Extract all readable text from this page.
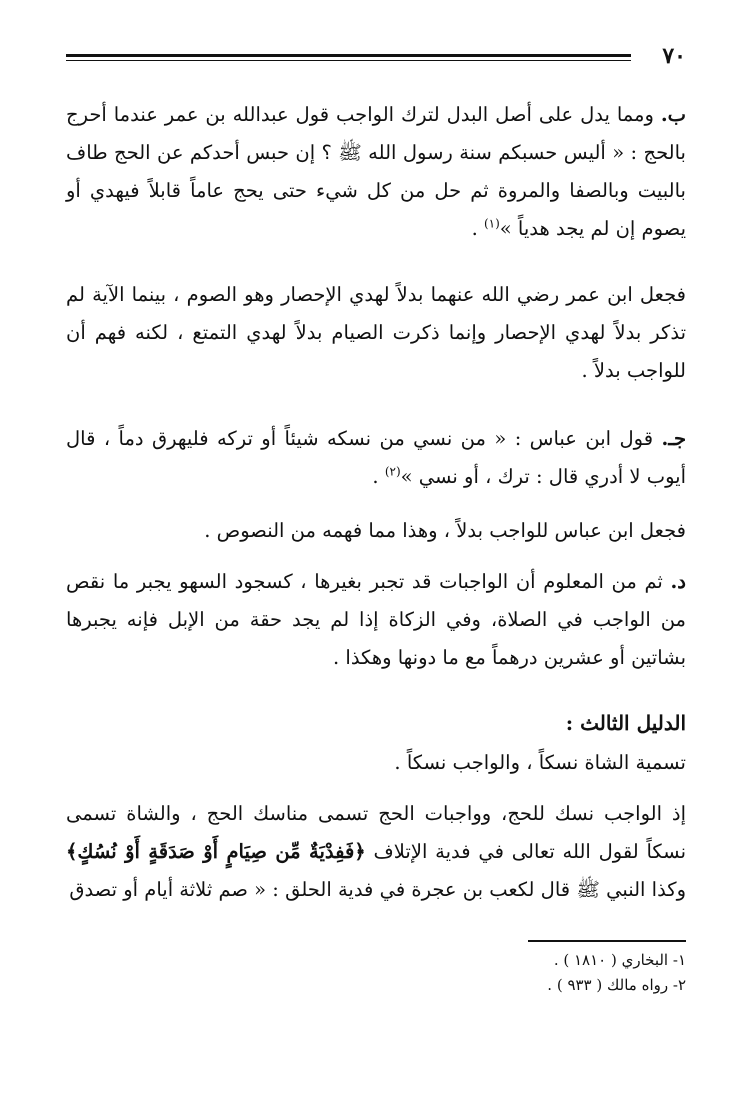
٧٠

ب. ومما يدل على أصل البدل لترك الواجب قول عبدالله بن عمر عندما أحرج بالحج : « أليس حسبكم سنة رسول الله ﷺ ؟ إن حبس أحدكم عن الحج طاف بالبيت وبالصفا والمروة ثم حل من كل شيء حتى يحج عاماً قابلاً فيهدي أو يصوم إن لم يجد هدياً »$^{(١)}$ .

فجعل ابن عمر رضي الله عنهما بدلاً لهدي الإحصار وهو الصوم ، بينما الآية لم تذكر بدلاً لهدي الإحصار وإنما ذكرت الصيام بدلاً لهدي التمتع ، لكنه فهم أن للواجب بدلاً .

جـ. قول ابن عباس : « من نسي من نسكه شيئاً أو تركه فليهرق دماً ، قال أيوب لا أدري قال : ترك ، أو نسي »$^{(٢)}$ .

فجعل ابن عباس للواجب بدلاً ، وهذا مما فهمه من النصوص .

د. ثم من المعلوم أن الواجبات قد تجبر بغيرها ، كسجود السهو يجبر ما نقص من الواجب في الصلاة، وفي الزكاة إذا لم يجد حقة من الإبل فإنه يجبرها بشاتين أو عشرين درهماً مع ما دونها وهكذا .

الدليل الثالث :

تسمية الشاة نسكاً ، والواجب نسكاً .

إذ الواجب نسك للحج، وواجبات الحج تسمى مناسك الحج ، والشاة تسمى نسكاً لقول الله تعالى في فدية الإتلاف ﴿فَفِدْيَةٌ مِّن صِيَامٍ أَوْ صَدَقَةٍ أَوْ نُسُكٍ﴾ وكذا النبي ﷺ قال لكعب بن عجرة في فدية الحلق : « صم ثلاثة أيام أو تصدق

١- البخاري ( ١٨١٠ ) .
٢- رواه مالك ( ٩٣٣ ) .
